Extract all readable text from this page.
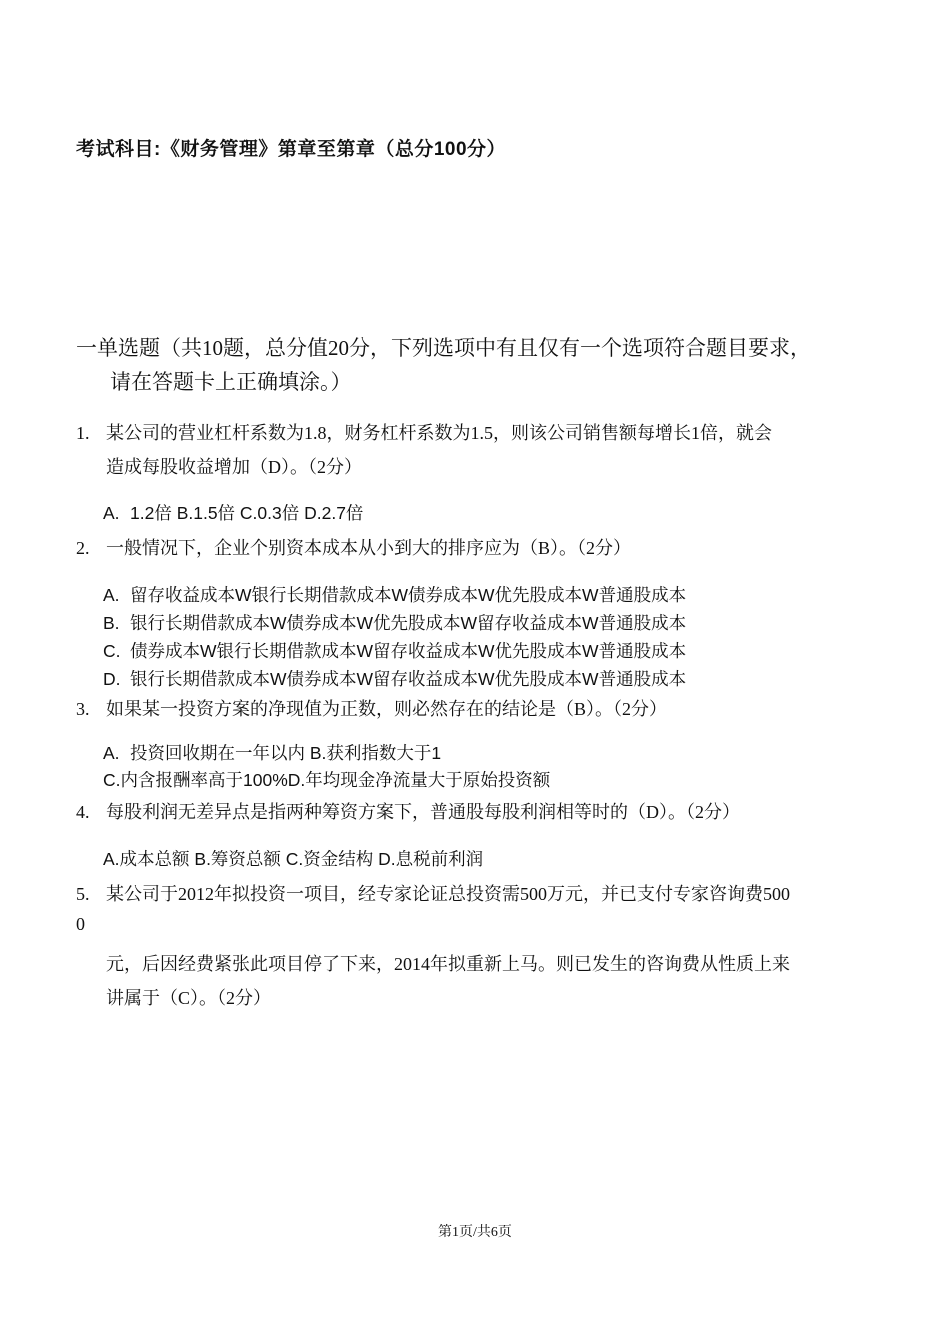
考试科目:《财务管理》第章至第章（总分100分）
一单选题（共10题，总分值20分，下列选项中有且仅有一个选项符合题目要求，
请在答题卡上正确填涂。）
1. 某公司的营业杠杆系数为1.8，财务杠杆系数为1.5，则该公司销售额每增长1倍，就会
造成每股收益增加（D）。（2分）
A. 1.2倍 B.1.5倍 C.0.3倍 D.2.7倍
2. 一般情况下，企业个别资本成本从小到大的排序应为（B）。（2分）
A. 留存收益成本W银行长期借款成本W债券成本W优先股成本W普通股成本
B. 银行长期借款成本W债券成本W优先股成本W留存收益成本W普通股成本
C. 债券成本W银行长期借款成本W留存收益成本W优先股成本W普通股成本
D. 银行长期借款成本W债券成本W留存收益成本W优先股成本W普通股成本
3. 如果某一投资方案的净现值为正数，则必然存在的结论是（B）。（2分）
A. 投资回收期在一年以内 B.获利指数大于1
C.内含报酬率高于100%D.年均现金净流量大于原始投资额
4. 每股利润无差异点是指两种筹资方案下，普通股每股利润相等时的（D）。（2分）
A.成本总额 B.筹资总额 C.资金结构 D.息税前利润
5. 某公司于2012年拟投资一项目，经专家论证总投资需500万元，并已支付专家咨询费500
0
元，后因经费紧张此项目停了下来，2014年拟重新上马。则已发生的咨询费从性质上来
讲属于（C）。（2分）
第1页/共6页
